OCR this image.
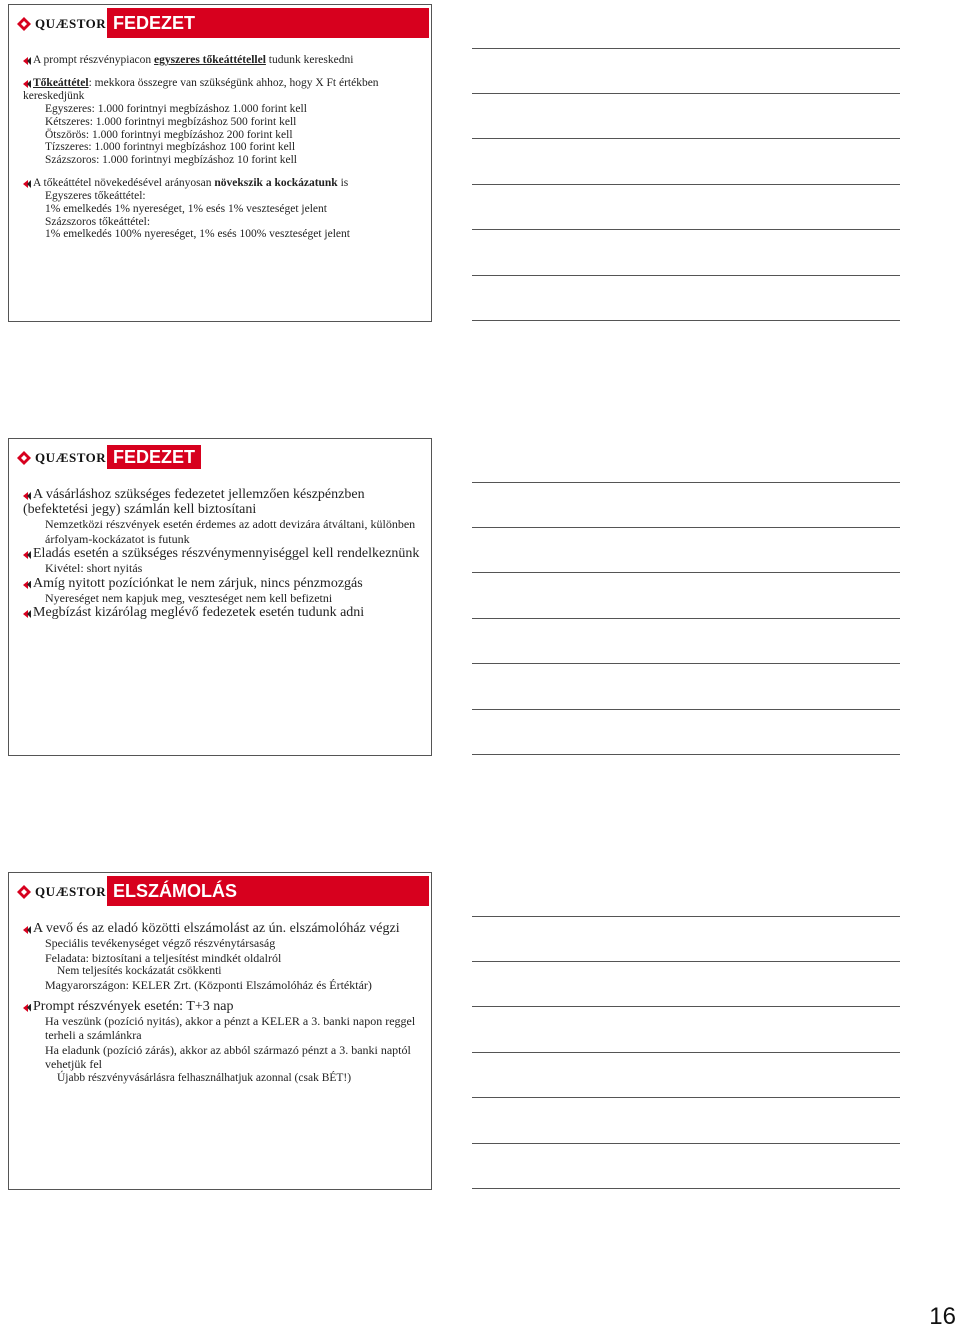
QUÆSTOR FEDEZET

A prompt részvénypiacon egyszeres tőkeáttétellel tudunk kereskedni

Tőkeáttétel: mekkora összegre van szükségünk ahhoz, hogy X Ft értékben kereskedjünk

Egyszeres: 1.000 forintnyi megbízáshoz 1.000 forint kell

Kétszeres: 1.000 forintnyi megbízáshoz 500 forint kell

Ötszörös: 1.000 forintnyi megbízáshoz 200 forint kell

Tízszeres: 1.000 forintnyi megbízáshoz 100 forint kell

Százszoros: 1.000 forintnyi megbízáshoz 10 forint kell

A tőkeáttétel növekedésével arányosan növekszik a kockázatunk is

Egyszeres tőkeáttétel:

1% emelkedés 1% nyereséget, 1% esés 1% veszteséget jelent

Százszoros tőkeáttétel:

1% emelkedés 100% nyereséget, 1% esés 100% veszteséget jelent

QUÆSTOR FEDEZET

A vásárláshoz szükséges fedezetet jellemzően készpénzben (befektetési jegy) számlán kell biztosítani

Nemzetközi részvények esetén érdemes az adott devizára átváltani, különben árfolyam-kockázatot is futunk

Eladás esetén a szükséges részvénymennyiséggel kell rendelkeznünk

Kivétel: short nyitás

Amíg nyitott pozíciónkat le nem zárjuk, nincs pénzmozgás

Nyereséget nem kapjuk meg, veszteséget nem kell befizetni

Megbízást kizárólag meglévő fedezetek esetén tudunk adni

QUÆSTOR ELSZÁMOLÁS

A vevő és az eladó közötti elszámolást az ún. elszámolóház végzi

Speciális tevékenységet végző részvénytársaság

Feladata: biztosítani a teljesítést mindkét oldalról

Nem teljesítés kockázatát csökkenti

Magyarországon: KELER Zrt. (Központi Elszámolóház és Értéktár)

Prompt részvények esetén: T+3 nap

Ha veszünk (pozíció nyitás), akkor a pénzt a KELER a 3. banki napon reggel terheli a számlánkra

Ha eladunk (pozíció zárás), akkor az abból származó pénzt a 3. banki naptól vehetjük fel

Újabb részvényvásárlásra felhasználhatjuk azonnal (csak BÉT!)

16
